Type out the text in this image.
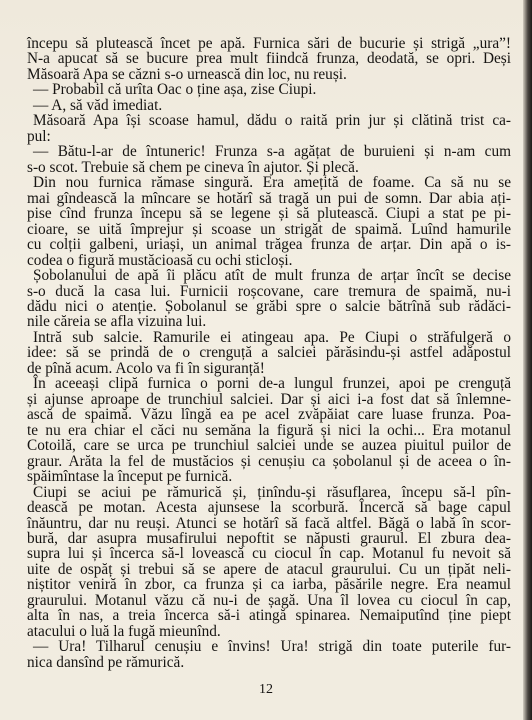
începu să plutească încet pe apă. Furnica sări de bucurie și strigă „ura”!
N-a apucat să se bucure prea mult fiindcă frunza, deodată, se opri. Deși
Măsoară Apa se căzni s-o urnească din loc, nu reuși.
— Probabil că urîta Oac o ține așa, zise Ciupi.
— A, să văd imediat.
Măsoară Apa își scoase hamul, dădu o raită prin jur și clătină trist ca-
pul:
— Bătu-l-ar de întuneric! Frunza s-a agățat de buruieni și n-am cum
s-o scot. Trebuie să chem pe cineva în ajutor. Și plecă.
Din nou furnica rămase singură. Era amețită de foame. Ca să nu se
mai gîndească la mîncare se hotărî să tragă un pui de somn. Dar abia ați-
pise cînd frunza începu să se legene și să plutească. Ciupi a stat pe pi-
cioare, se uită împrejur și scoase un strigăt de spaimă. Luînd hamurile
cu colții galbeni, uriași, un animal trăgea frunza de arțar. Din apă o is-
codea o figură mustăcioasă cu ochi sticloși.
Șobolanului de apă îi plăcu atît de mult frunza de arțar încît se decise
s-o ducă la casa lui. Furnicii roșcovane, care tremura de spaimă, nu-i
dădu nici o atenție. Șobolanul se grăbi spre o salcie bătrînă sub rădăci-
nile căreia se afla vizuina lui.
Intră sub salcie. Ramurile ei atingeau apa. Pe Ciupi o străfulgeră o
idee: să se prindă de o crenguță a salciei părăsindu-și astfel adăpostul
de pînă acum. Acolo va fi în siguranță!
În aceeași clipă furnica o porni de-a lungul frunzei, apoi pe crenguță
și ajunse aproape de trunchiul salciei. Dar și aici i-a fost dat să înlemne-
ască de spaimă. Văzu lîngă ea pe acel zvăpăiat care luase frunza. Poa-
te nu era chiar el căci nu semăna la figură și nici la ochi... Era motanul
Cotoilă, care se urca pe trunchiul salciei unde se auzea piuitul puilor de
graur. Arăta la fel de mustăcios și cenușiu ca șobolanul și de aceea o în-
spăimîntase la început pe furnică.
Ciupi se aciui pe rămurică și, ținîndu-și răsuflarea, începu să-l pîn-
dească pe motan. Acesta ajunsese la scorbură. Încercă să bage capul
înăuntru, dar nu reuși. Atunci se hotărî să facă altfel. Băgă o labă în scor-
bură, dar asupra musafirului nepoftit se năpusti graurul. El zbura dea-
supra lui și încerca să-l lovească cu ciocul în cap. Motanul fu nevoit să
uite de ospăț și trebui să se apere de atacul graurului. Cu un țipăt neli-
niștitor veniră în zbor, ca frunza și ca iarba, păsările negre. Era neamul
graurului. Motanul văzu că nu-i de șagă. Una îl lovea cu ciocul în cap,
alta în nas, a treia încerca să-i atingă spinarea. Nemaiputînd ține piept
atacului o luă la fugă mieunînd.
— Ura! Tilharul cenușiu e învins! Ura! strigă din toate puterile fur-
nica dansînd pe rămurică.
12
